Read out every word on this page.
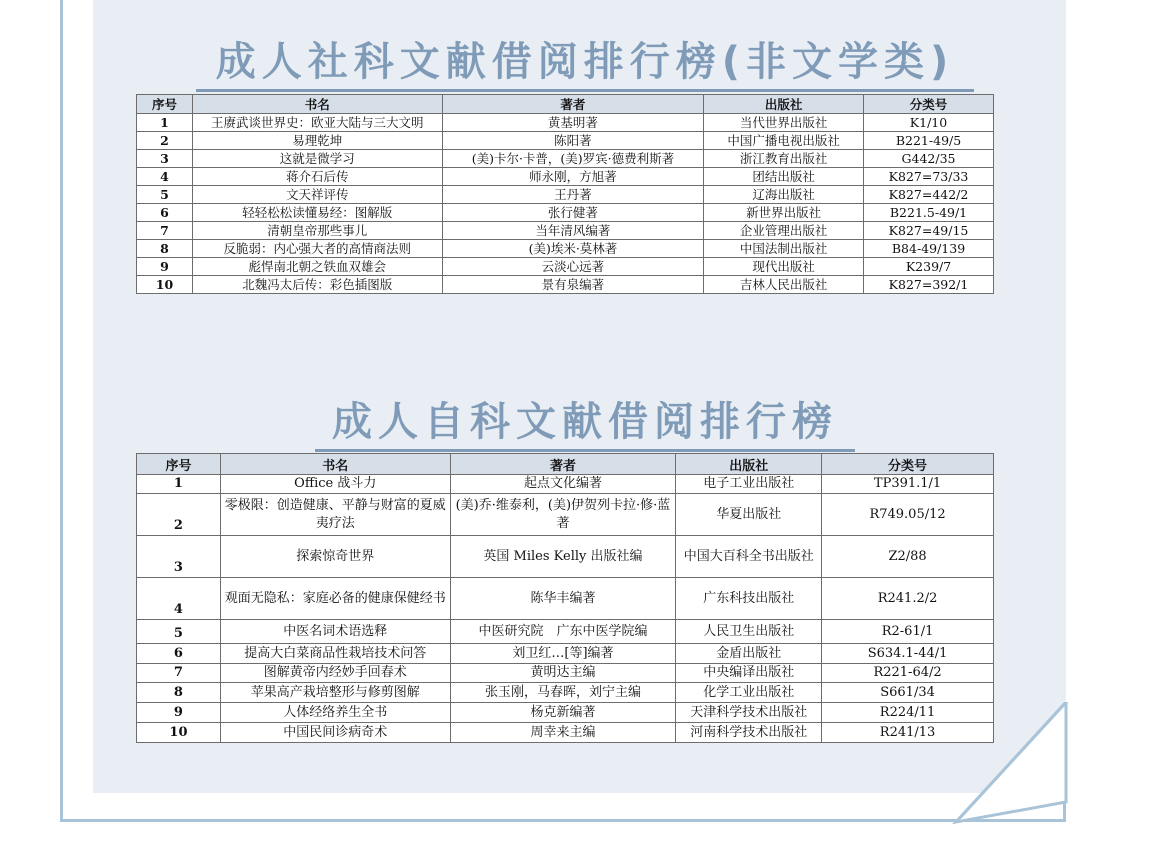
成人社科文献借阅排行榜(非文学类)
序号	书名	著者	出版社	分类号
1	王赓武谈世界史：欧亚大陆与三大文明	黄基明著	当代世界出版社	K1/10
2	易理乾坤	陈阳著	中国广播电视出版社	B221-49/5
3	这就是微学习	(美)卡尔·卡普，(美)罗宾·德费利斯著	浙江教育出版社	G442/35
4	蒋介石后传	师永刚，方旭著	团结出版社	K827=73/33
5	文天祥评传	王丹著	辽海出版社	K827=442/2
6	轻轻松松读懂易经：图解版	张行健著	新世界出版社	B221.5-49/1
7	清朝皇帝那些事儿	当年清风编著	企业管理出版社	K827=49/15
8	反脆弱：内心强大者的高情商法则	(美)埃米·莫林著	中国法制出版社	B84-49/139
9	彪悍南北朝之铁血双雄会	云淡心远著	现代出版社	K239/7
10	北魏冯太后传：彩色插图版	景有泉编著	吉林人民出版社	K827=392/1
成人自科文献借阅排行榜
序号	书名	著者	出版社	分类号
1	Office 战斗力	起点文化编著	电子工业出版社	TP391.1/1
2	零极限：创造健康、平静与财富的夏威夷疗法	(美)乔·维泰利，(美)伊贺列卡拉·修·蓝著	华夏出版社	R749.05/12
3	探索惊奇世界	英国 Miles Kelly 出版社编	中国大百科全书出版社	Z2/88
4	观面无隐私：家庭必备的健康保健经书	陈华丰编著	广东科技出版社	R241.2/2
5	中医名词术语选释	中医研究院　广东中医学院编	人民卫生出版社	R2-61/1
6	提高大白菜商品性栽培技术问答	刘卫红…[等]编著	金盾出版社	S634.1-44/1
7	图解黄帝内经妙手回春术	黄明达主编	中央编译出版社	R221-64/2
8	苹果高产栽培整形与修剪图解	张玉刚，马春晖，刘宁主编	化学工业出版社	S661/34
9	人体经络养生全书	杨克新编著	天津科学技术出版社	R224/11
10	中国民间诊病奇术	周幸来主编	河南科学技术出版社	R241/13
